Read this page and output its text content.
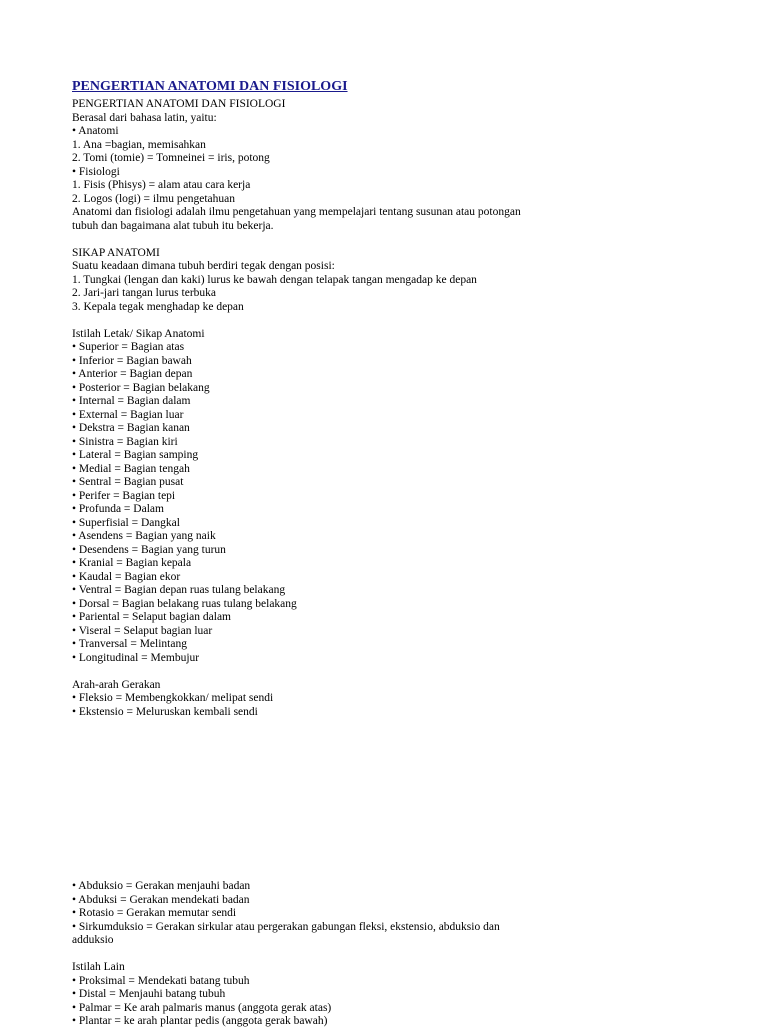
PENGERTIAN ANATOMI DAN FISIOLOGI
PENGERTIAN ANATOMI DAN FISIOLOGI
Berasal dari bahasa latin, yaitu:
• Anatomi
1. Ana =bagian, memisahkan
2. Tomi (tomie) = Tomneinei = iris, potong
• Fisiologi
1. Fisis (Phisys) = alam atau cara kerja
2. Logos (logi) = ilmu pengetahuan
Anatomi dan fisiologi adalah ilmu pengetahuan yang mempelajari tentang susunan atau potongan tubuh dan bagaimana alat tubuh itu bekerja.
SIKAP ANATOMI
Suatu keadaan dimana tubuh berdiri tegak dengan posisi:
1. Tungkai (lengan dan kaki) lurus ke bawah dengan telapak tangan mengadap ke depan
2. Jari-jari tangan lurus terbuka
3. Kepala tegak menghadap ke depan
Istilah Letak/ Sikap Anatomi
• Superior = Bagian atas
• Inferior = Bagian bawah
• Anterior = Bagian depan
• Posterior = Bagian belakang
• Internal = Bagian dalam
• External = Bagian luar
• Dekstra = Bagian kanan
• Sinistra = Bagian kiri
• Lateral = Bagian samping
• Medial = Bagian tengah
• Sentral = Bagian pusat
• Perifer = Bagian tepi
• Profunda = Dalam
• Superfisial = Dangkal
• Asendens = Bagian yang naik
• Desendens = Bagian yang turun
• Kranial = Bagian kepala
• Kaudal = Bagian ekor
• Ventral = Bagian depan ruas tulang belakang
• Dorsal = Bagian belakang ruas tulang belakang
• Pariental = Selaput bagian dalam
• Viseral = Selaput bagian luar
• Tranversal = Melintang
• Longitudinal = Membujur
Arah-arah Gerakan
• Fleksio = Membengkokkan/ melipat sendi
• Ekstensio = Meluruskan kembali sendi
• Abduksio = Gerakan menjauhi badan
• Abduksi = Gerakan mendekati badan
• Rotasio = Gerakan memutar sendi
• Sirkumduksio = Gerakan sirkular atau pergerakan gabungan fleksi, ekstensio, abduksio dan adduksio
Istilah Lain
• Proksimal = Mendekati batang tubuh
• Distal = Menjauhi batang tubuh
• Palmar = Ke arah palmaris manus (anggota gerak atas)
• Plantar = ke arah plantar pedis (anggota gerak bawah)
